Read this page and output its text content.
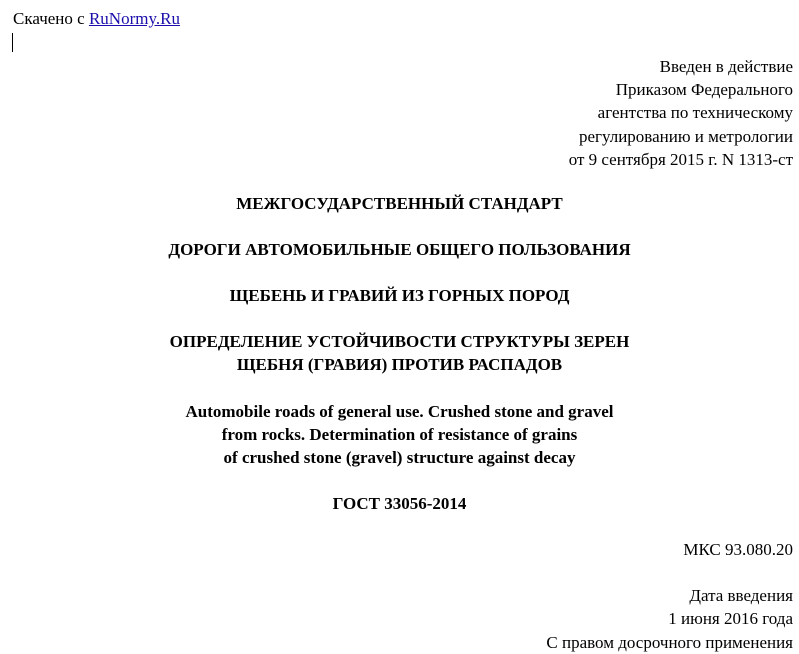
Скачено с RuNormy.Ru
Введен в действие
Приказом Федерального
агентства по техническому
регулированию и метрологии
от 9 сентября 2015 г. N 1313-ст
МЕЖГОСУДАРСТВЕННЫЙ СТАНДАРТ
ДОРОГИ АВТОМОБИЛЬНЫЕ ОБЩЕГО ПОЛЬЗОВАНИЯ
ЩЕБЕНЬ И ГРАВИЙ ИЗ ГОРНЫХ ПОРОД
ОПРЕДЕЛЕНИЕ УСТОЙЧИВОСТИ СТРУКТУРЫ ЗЕРЕН
ЩЕБНЯ (ГРАВИЯ) ПРОТИВ РАСПАДОВ
Automobile roads of general use. Crushed stone and gravel
from rocks. Determination of resistance of grains
of crushed stone (gravel) structure against decay
ГОСТ 33056-2014
МКС 93.080.20
Дата введения
1 июня 2016 года
С правом досрочного применения
